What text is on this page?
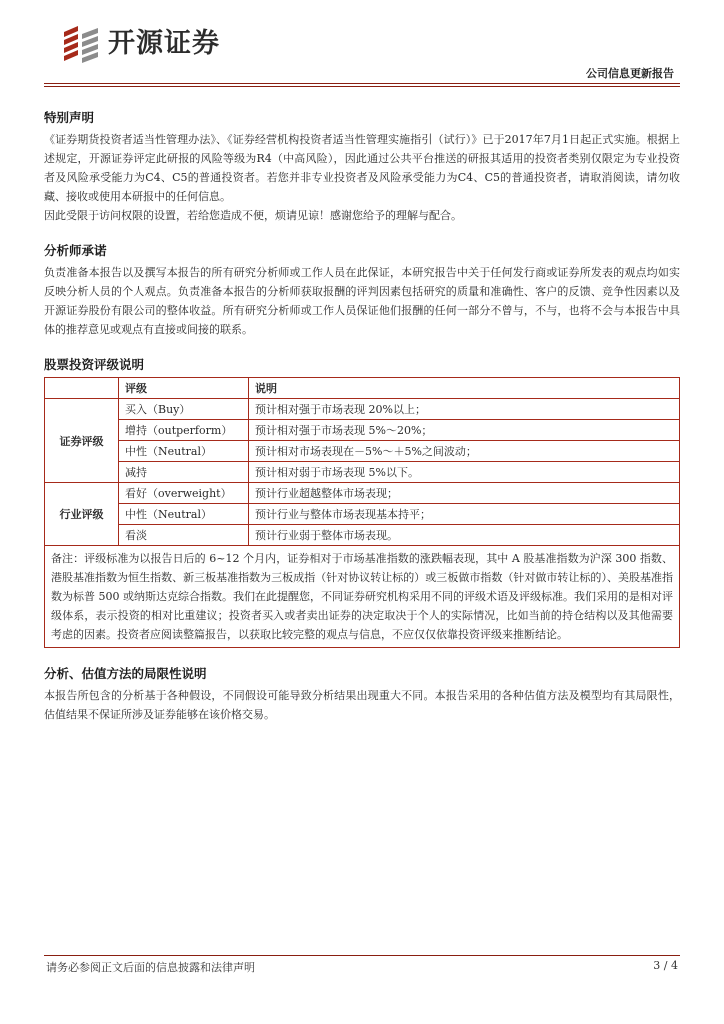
开源证券
公司信息更新报告
特别声明

《证券期货投资者适当性管理办法》、《证券经营机构投资者适当性管理实施指引（试行）》已于2017年7月1日起正式实施。根据上述规定，开源证券评定此研报的风险等级为R4（中高风险），因此通过公共平台推送的研报其适用的投资者类别仅限定为专业投资者及风险承受能力为C4、C5的普通投资者。若您并非专业投资者及风险承受能力为C4、C5的普通投资者，请取消阅读，请勿收藏、接收或使用本研报中的任何信息。

因此受限于访问权限的设置，若给您造成不便，烦请见谅！感谢您给予的理解与配合。

分析师承诺

负责准备本报告以及撰写本报告的所有研究分析师或工作人员在此保证，本研究报告中关于任何发行商或证券所发表的观点均如实反映分析人员的个人观点。负责准备本报告的分析师获取报酬的评判因素包括研究的质量和准确性、客户的反馈、竞争性因素以及开源证券股份有限公司的整体收益。所有研究分析师或工作人员保证他们报酬的任何一部分不曾与，不与，也将不会与本报告中具体的推荐意见或观点有直接或间接的联系。

股票投资评级说明
	评级	说明
证券评级	买入（Buy）	预计相对强于市场表现 20%以上；
	增持（outperform）	预计相对强于市场表现 5%～20%；
	中性（Neutral）	预计相对市场表现在－5%～＋5%之间波动；
	减持	预计相对弱于市场表现 5%以下。
行业评级	看好（overweight）	预计行业超越整体市场表现；
	中性（Neutral）	预计行业与整体市场表现基本持平；
	看淡	预计行业弱于整体市场表现。
备注：评级标准为以报告日后的 6~12 个月内，证券相对于市场基准指数的涨跌幅表现，其中 A 股基准指数为沪深 300 指数、港股基准指数为恒生指数、新三板基准指数为三板成指（针对协议转让标的）或三板做市指数（针对做市转让标的）、美股基准指数为标普 500 或纳斯达克综合指数。我们在此提醒您，不同证券研究机构采用不同的评级术语及评级标准。我们采用的是相对评级体系，表示投资的相对比重建议；投资者买入或者卖出证券的决定取决于个人的实际情况，比如当前的持仓结构以及其他需要考虑的因素。投资者应阅读整篇报告，以获取比较完整的观点与信息，不应仅仅依靠投资评级来推断结论。		
分析、估值方法的局限性说明

本报告所包含的分析基于各种假设，不同假设可能导致分析结果出现重大不同。本报告采用的各种估值方法及模型均有其局限性，估值结果不保证所涉及证券能够在该价格交易。

请务必参阅正文后面的信息披露和法律声明	3 / 4
